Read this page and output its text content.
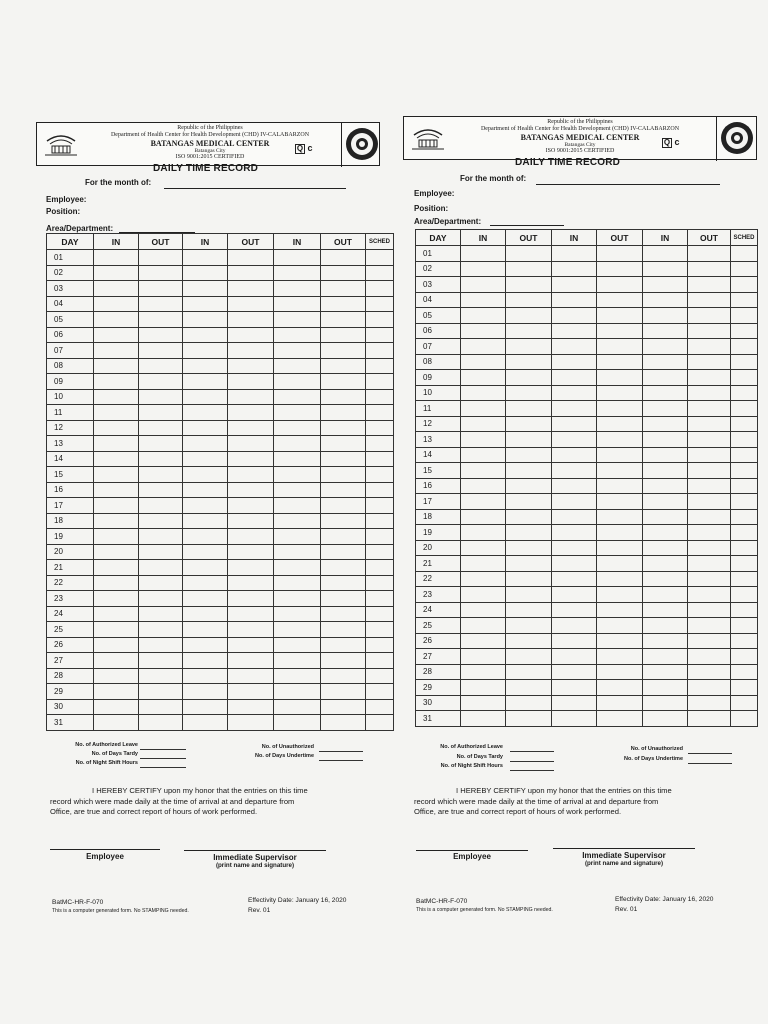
Republic of the Philippines
Department of Health Center for Health Development (CHD) IV-CALABARZON
BATANGAS MEDICAL CENTER
Batangas City
ISO 9001:2015 CERTIFIED
Q c
DAILY TIME RECORD
For the month of:
Employee:
Position:
Area/Department:
DAY	IN	OUT	IN	OUT	IN	OUT	SCHED
01							
02							
03							
04							
05							
06							
07							
08							
09							
10							
11							
12							
13							
14							
15							
16							
17							
18							
19							
20							
21							
22							
23							
24							
25							
26							
27							
28							
29							
30							
31							
No. of Authorized Leave
No. of Days Tardy
No. of Night Shift Hours
No. of Unauthorized
No. of Days Undertime
I HEREBY CERTIFY upon my honor that the entries on this time
record which were made daily at the time of arrival at and departure from
Office, are true and correct report of hours of work performed.
Employee	Immediate Supervisor
(print name and signature)
BatMC-HR-F-070
This is a computer generated form. No STAMPING needed.
Effectivity Date: January 16, 2020
Rev. 01
Republic of the Philippines
Department of Health Center for Health Development (CHD) IV-CALABARZON
BATANGAS MEDICAL CENTER
Batangas City
ISO 9001:2015 CERTIFIED
Q c
DAILY TIME RECORD
For the month of:
Employee:
Position:
Area/Department:
DAY	IN	OUT	IN	OUT	IN	OUT	SCHED
01							
02							
03							
04							
05							
06							
07							
08							
09							
10							
11							
12							
13							
14							
15							
16							
17							
18							
19							
20							
21							
22							
23							
24							
25							
26							
27							
28							
29							
30							
31							
No. of Authorized Leave
No. of Days Tardy
No. of Night Shift Hours
No. of Unauthorized
No. of Days Undertime
I HEREBY CERTIFY upon my honor that the entries on this time
record which were made daily at the time of arrival at and departure from
Office, are true and correct report of hours of work performed.
Employee	Immediate Supervisor
(print name and signature)
BatMC-HR-F-070
This is a computer generated form. No STAMPING needed.
Effectivity Date: January 16, 2020
Rev. 01
